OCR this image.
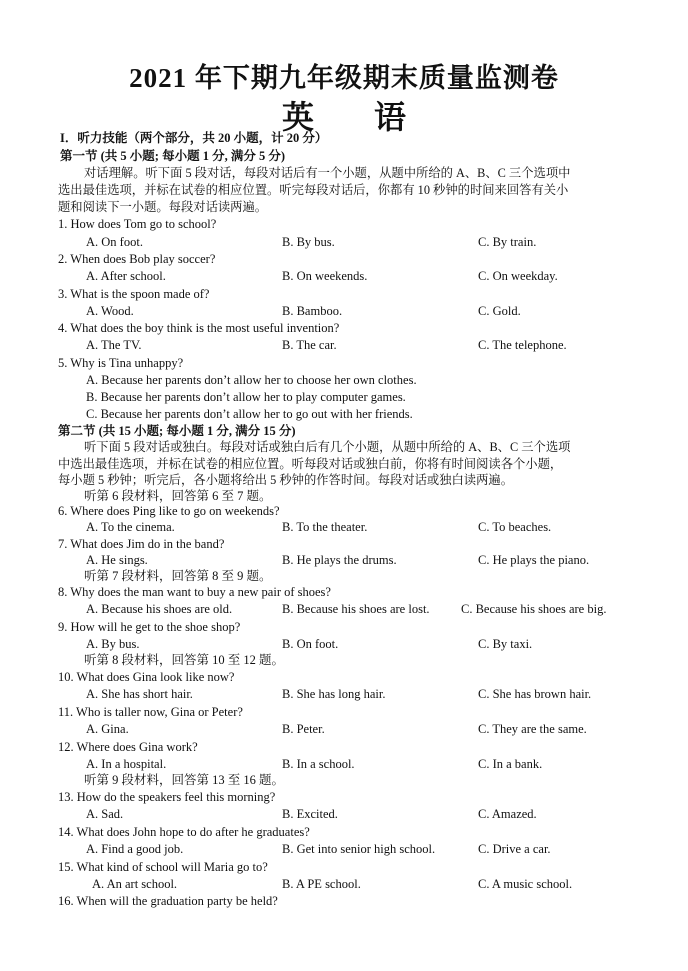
2021 年下期九年级期末质量监测卷
英 语
I．听力技能（两个部分，共 20 小题，计 20 分）
第一节 (共 5 小题; 每小题 1 分, 满分 5 分)
对话理解。听下面 5 段对话，每段对话后有一个小题，从题中所给的 A、B、C 三个选项中
选出最佳选项，并标在试卷的相应位置。听完每段对话后，你都有 10 秒钟的时间来回答有关小
题和阅读下一小题。每段对话读两遍。
1. How does Tom go to school?
A. On foot.	B. By bus.	C. By train.
2. When does Bob play soccer?
A. After school.	B. On weekends.	C. On weekday.
3. What is the spoon made of?
A. Wood.	B. Bamboo.	C. Gold.
4. What does the boy think is the most useful invention?
A. The TV.	B. The car.	C. The telephone.
5. Why is Tina unhappy?
A. Because her parents don’t allow her to choose her own clothes.
B. Because her parents don’t allow her to play computer games.
C. Because her parents don’t allow her to go out with her friends.
第二节 (共 15 小题; 每小题 1 分, 满分 15 分)
听下面 5 段对话或独白。每段对话或独白后有几个小题，从题中所给的 A、B、C 三个选项
中选出最佳选项，并标在试卷的相应位置。听每段对话或独白前，你将有时间阅读各个小题，
每小题 5 秒钟；听完后，各小题将给出 5 秒钟的作答时间。每段对话或独白读两遍。
听第 6 段材料，回答第 6 至 7 题。
6. Where does Ping like to go on weekends?
A. To the cinema.	B. To the theater.	C. To beaches.
7. What does Jim do in the band?
A. He sings.	B. He plays the drums.	C. He plays the piano.
听第 7 段材料，回答第 8 至 9 题。
8. Why does the man want to buy a new pair of shoes?
A. Because his shoes are old.	B. Because his shoes are lost.	C. Because his shoes are big.
9. How will he get to the shoe shop?
A. By bus.	B. On foot.	C. By taxi.
听第 8 段材料，回答第 10 至 12 题。
10. What does Gina look like now?
A. She has short hair.	B. She has long hair.	C. She has brown hair.
11. Who is taller now, Gina or Peter?
A. Gina.	B. Peter.	C. They are the same.
12. Where does Gina work?
A. In a hospital.	B. In a school.	C. In a bank.
听第 9 段材料，回答第 13 至 16 题。
13. How do the speakers feel this morning?
A. Sad.	B. Excited.	C. Amazed.
14. What does John hope to do after he graduates?
A. Find a good job.	B. Get into senior high school.	C. Drive a car.
15. What kind of school will Maria go to?
A. An art school.	B. A PE school.	C. A music school.
16. When will the graduation party be held?
